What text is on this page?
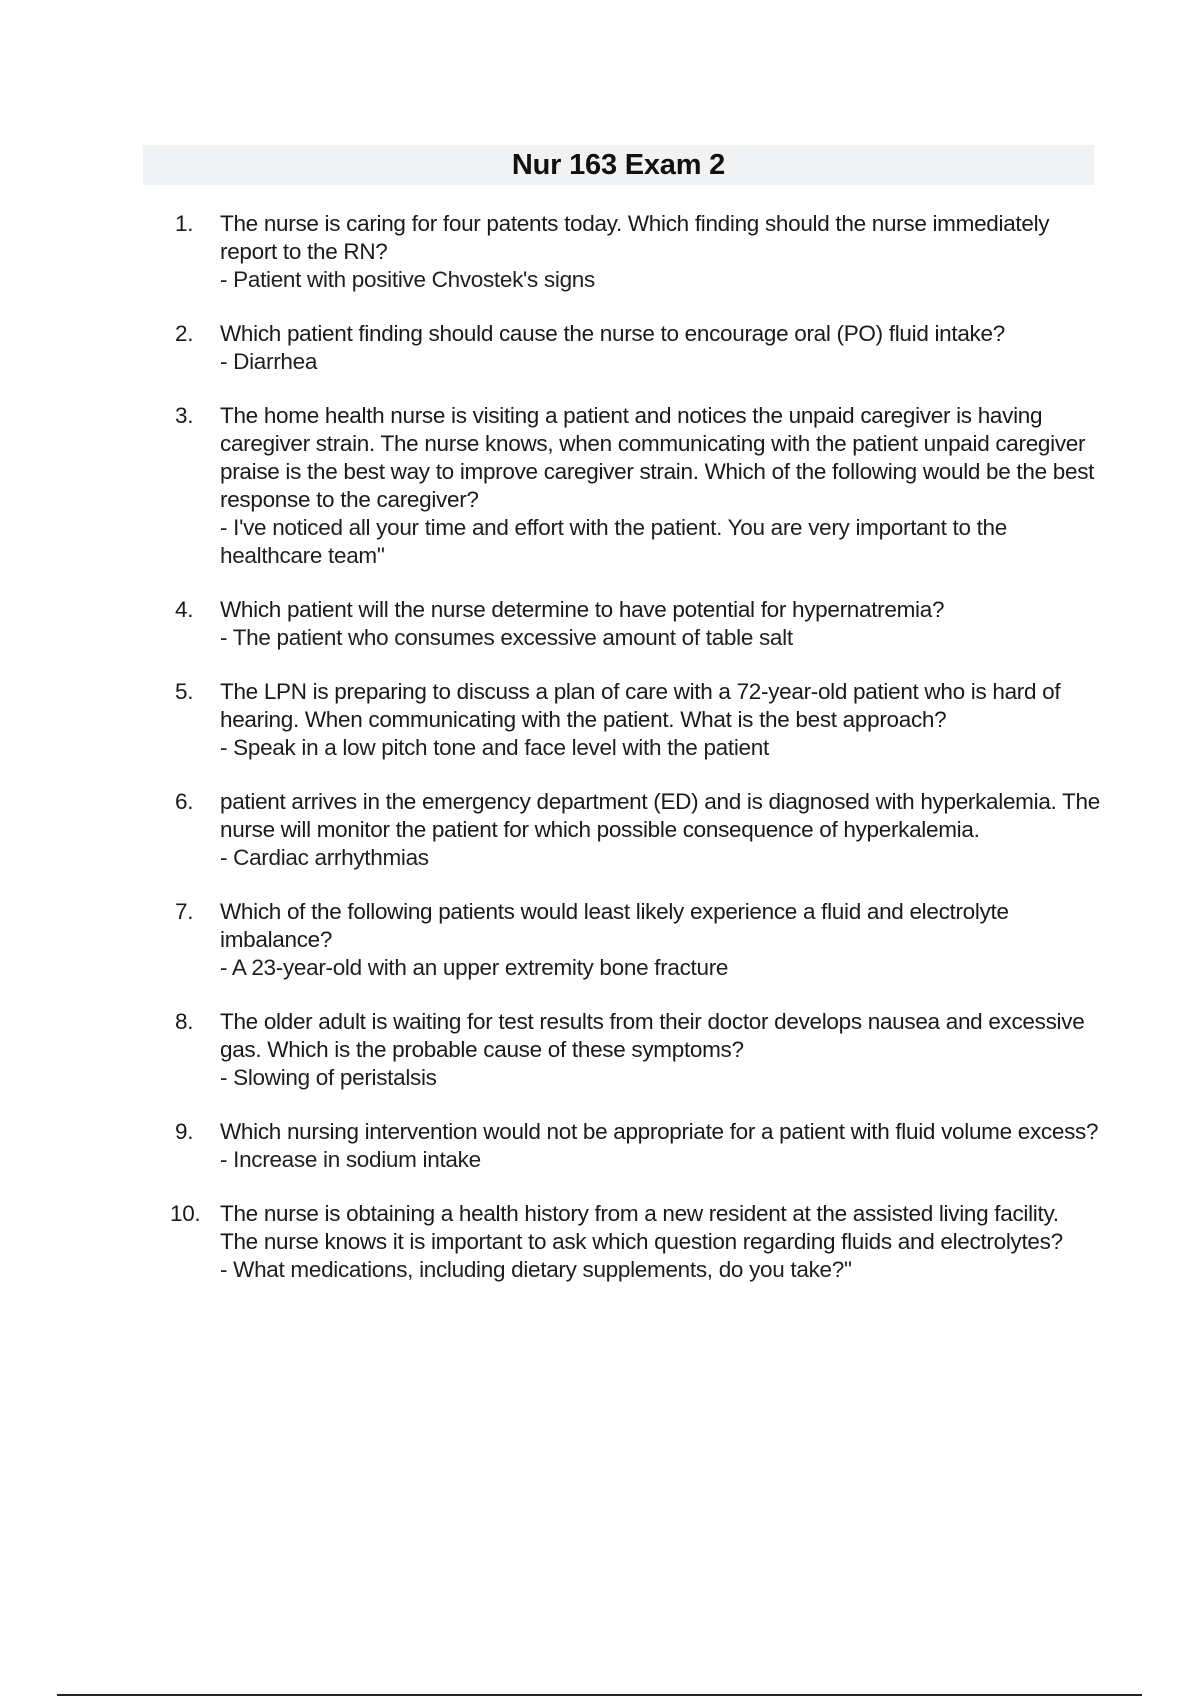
Nur 163 Exam 2
1.	The nurse is caring for four patents today. Which finding should the nurse immediately report to the RN?
- Patient with positive Chvostek's signs
2.	Which patient finding should cause the nurse to encourage oral (PO) fluid intake?
- Diarrhea
3.	The home health nurse is visiting a patient and notices the unpaid caregiver is having caregiver strain. The nurse knows, when communicating with the patient unpaid caregiver praise is the best way to improve caregiver strain. Which of the following would be the best response to the caregiver?
- I've noticed all your time and effort with the patient. You are very important to the healthcare team"
4.	Which patient will the nurse determine to have potential for hypernatremia?
- The patient who consumes excessive amount of table salt
5.	The LPN is preparing to discuss a plan of care with a 72-year-old patient who is hard of hearing. When communicating with the patient. What is the best approach?
- Speak in a low pitch tone and face level with the patient
6.	patient arrives in the emergency department (ED) and is diagnosed with hyperkalemia. The nurse will monitor the patient for which possible consequence of hyperkalemia.
- Cardiac arrhythmias
7.	Which of the following patients would least likely experience a fluid and electrolyte imbalance?
- A 23-year-old with an upper extremity bone fracture
8.	The older adult is waiting for test results from their doctor develops nausea and excessive gas. Which is the probable cause of these symptoms?
- Slowing of peristalsis
9.	Which nursing intervention would not be appropriate for a patient with fluid volume excess?
- Increase in sodium intake
10. The nurse is obtaining a health history from a new resident at the assisted living facility. The nurse knows it is important to ask which question regarding fluids and electrolytes?
- What medications, including dietary supplements, do you take?"
